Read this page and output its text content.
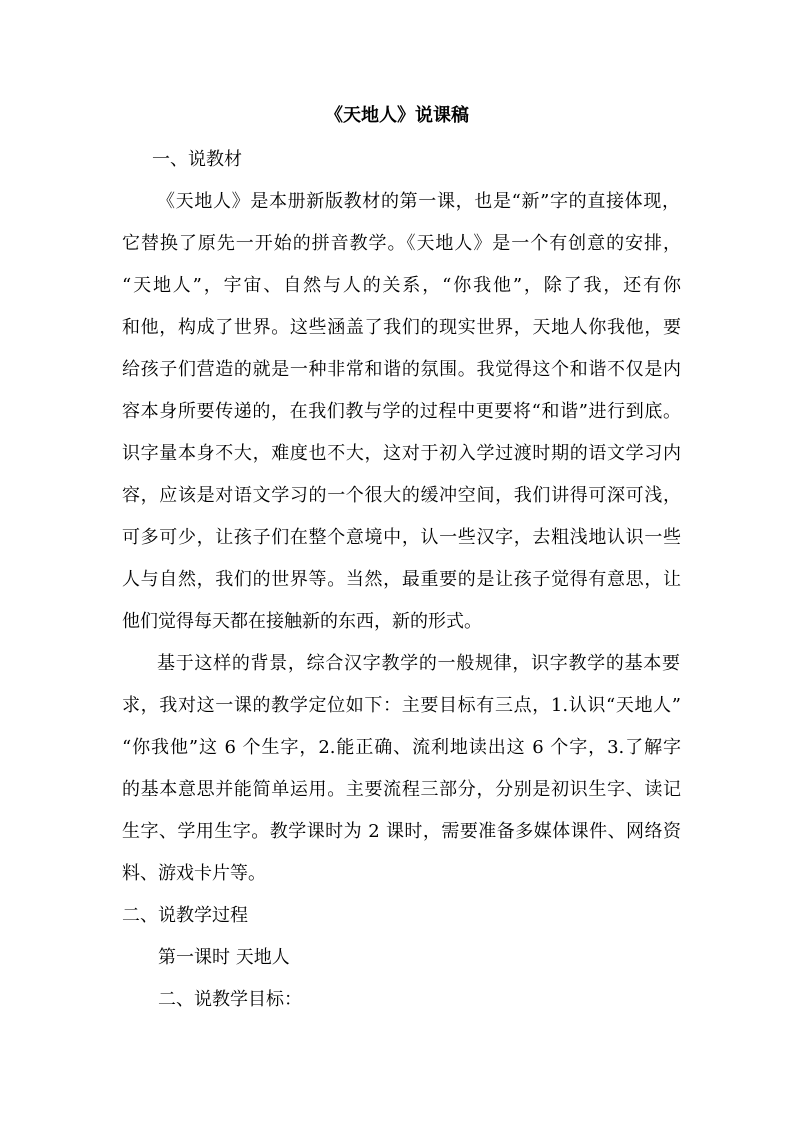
《天地人》说课稿
一、说教材
《天地人》是本册新版教材的第一课，也是“新”字的直接体现，
它替换了原先一开始的拼音教学。《天地人》是一个有创意的安排，
“天地人”，宇宙、自然与人的关系，“你我他”，除了我，还有你
和他，构成了世界。这些涵盖了我们的现实世界，天地人你我他，要
给孩子们营造的就是一种非常和谐的氛围。我觉得这个和谐不仅是内
容本身所要传递的，在我们教与学的过程中更要将“和谐”进行到底。
识字量本身不大，难度也不大，这对于初入学过渡时期的语文学习内
容，应该是对语文学习的一个很大的缓冲空间，我们讲得可深可浅，
可多可少，让孩子们在整个意境中，认一些汉字，去粗浅地认识一些
人与自然，我们的世界等。当然，最重要的是让孩子觉得有意思，让
他们觉得每天都在接触新的东西，新的形式。
基于这样的背景，综合汉字教学的一般规律，识字教学的基本要
求，我对这一课的教学定位如下：主要目标有三点，1.认识“天地人”
“你我他”这 6 个生字，2.能正确、流利地读出这 6 个字，3.了解字
的基本意思并能简单运用。主要流程三部分，分别是初识生字、读记
生字、学用生字。教学课时为 2 课时，需要准备多媒体课件、网络资
料、游戏卡片等。
二、说教学过程
第一课时 天地人
二、说教学目标：
